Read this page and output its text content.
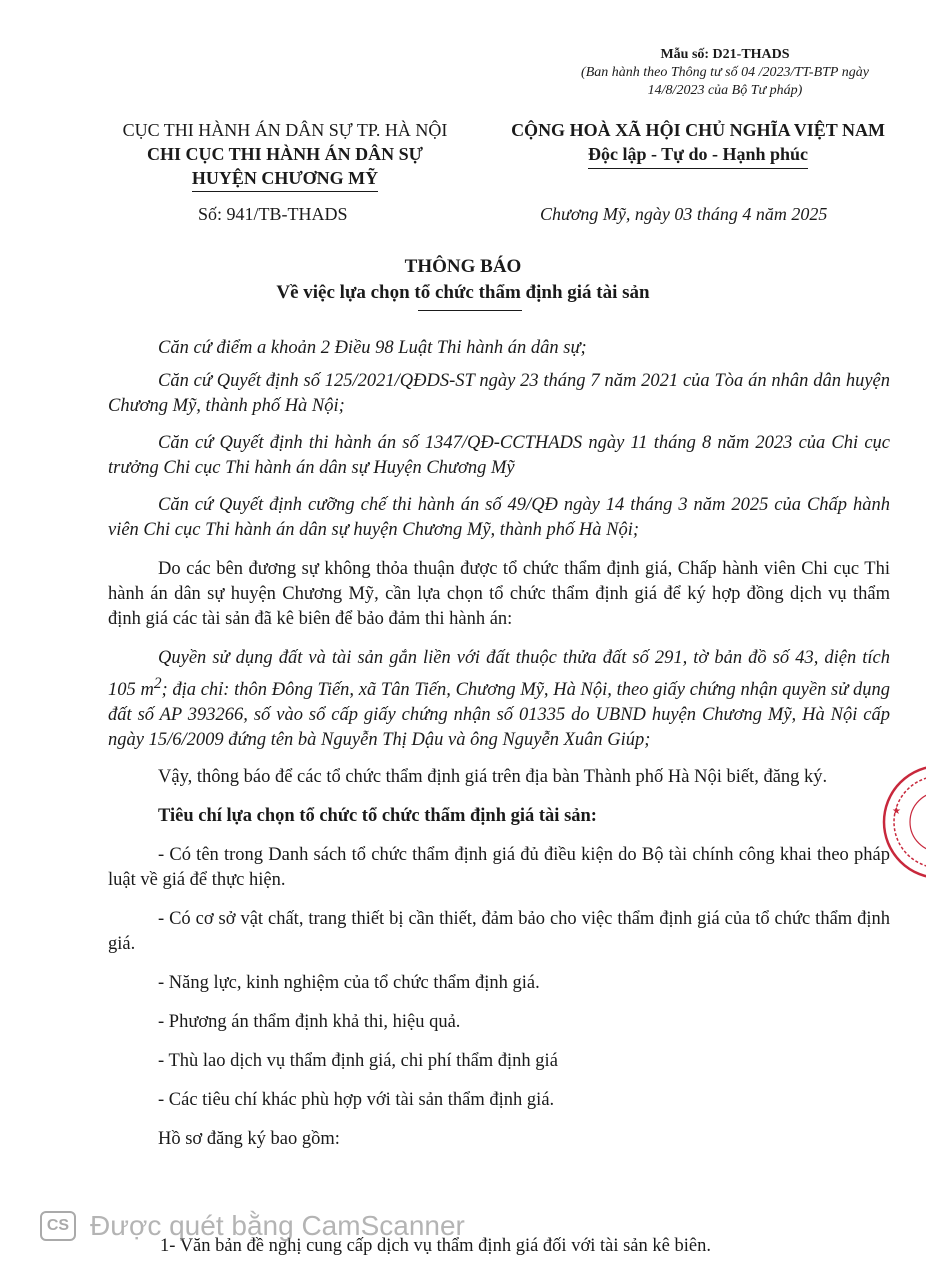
Mẫu số: D21-THADS
(Ban hành theo Thông tư số 04 /2023/TT-BTP ngày
14/8/2023 của Bộ Tư pháp)
CỤC THI HÀNH ÁN DÂN SỰ TP. HÀ NỘI
CHI CỤC THI HÀNH ÁN DÂN SỰ
HUYỆN CHƯƠNG MỸ
CỘNG HOÀ XÃ HỘI CHỦ NGHĨA VIỆT NAM
Độc lập - Tự do - Hạnh phúc
Số: 941/TB-THADS	Chương Mỹ, ngày 03 tháng 4 năm 2025
THÔNG BÁO
Về việc lựa chọn tổ chức thẩm định giá tài sản

Căn cứ điểm a khoản 2 Điều 98 Luật Thi hành án dân sự;

Căn cứ Quyết định số 125/2021/QĐDS-ST ngày 23 tháng 7 năm 2021 của Tòa án nhân dân huyện Chương Mỹ, thành phố Hà Nội;

Căn cứ Quyết định thi hành án số 1347/QĐ-CCTHADS ngày 11 tháng 8 năm 2023 của Chi cục trưởng Chi cục Thi hành án dân sự Huyện Chương Mỹ

Căn cứ Quyết định cưỡng chế thi hành án số 49/QĐ ngày 14 tháng 3 năm 2025 của Chấp hành viên Chi cục Thi hành án dân sự huyện Chương Mỹ, thành phố Hà Nội;

Do các bên đương sự không thỏa thuận được tổ chức thẩm định giá, Chấp hành viên Chi cục Thi hành án dân sự huyện Chương Mỹ, cần lựa chọn tổ chức thẩm định giá để ký hợp đồng dịch vụ thẩm định giá các tài sản đã kê biên để bảo đảm thi hành án:

Quyền sử dụng đất và tài sản gắn liền với đất thuộc thửa đất số 291, tờ bản đồ số 43, diện tích 105 $m^2$; địa chỉ: thôn Đông Tiến, xã Tân Tiến, Chương Mỹ, Hà Nội, theo giấy chứng nhận quyền sử dụng đất số AP 393266, số vào sổ cấp giấy chứng nhận số 01335 do UBND huyện Chương Mỹ, Hà Nội cấp ngày 15/6/2009 đứng tên bà Nguyễn Thị Dậu và ông Nguyễn Xuân Giúp;

Vậy, thông báo để các tổ chức thẩm định giá trên địa bàn Thành phố Hà Nội biết, đăng ký.

Tiêu chí lựa chọn tổ chức tổ chức thẩm định giá tài sản:

- Có tên trong Danh sách tổ chức thẩm định giá đủ điều kiện do Bộ tài chính công khai theo pháp luật về giá để thực hiện.

- Có cơ sở vật chất, trang thiết bị cần thiết, đảm bảo cho việc thẩm định giá của tổ chức thẩm định giá.

- Năng lực, kinh nghiệm của tổ chức thẩm định giá.

- Phương án thẩm định khả thi, hiệu quả.

- Thù lao dịch vụ thẩm định giá, chi phí thẩm định giá

- Các tiêu chí khác phù hợp với tài sản thẩm định giá.

Hồ sơ đăng ký bao gồm:

1- Văn bản đề nghị cung cấp dịch vụ thẩm định giá đối với tài sản kê biên.
★
CS Được quét bằng CamScanner
